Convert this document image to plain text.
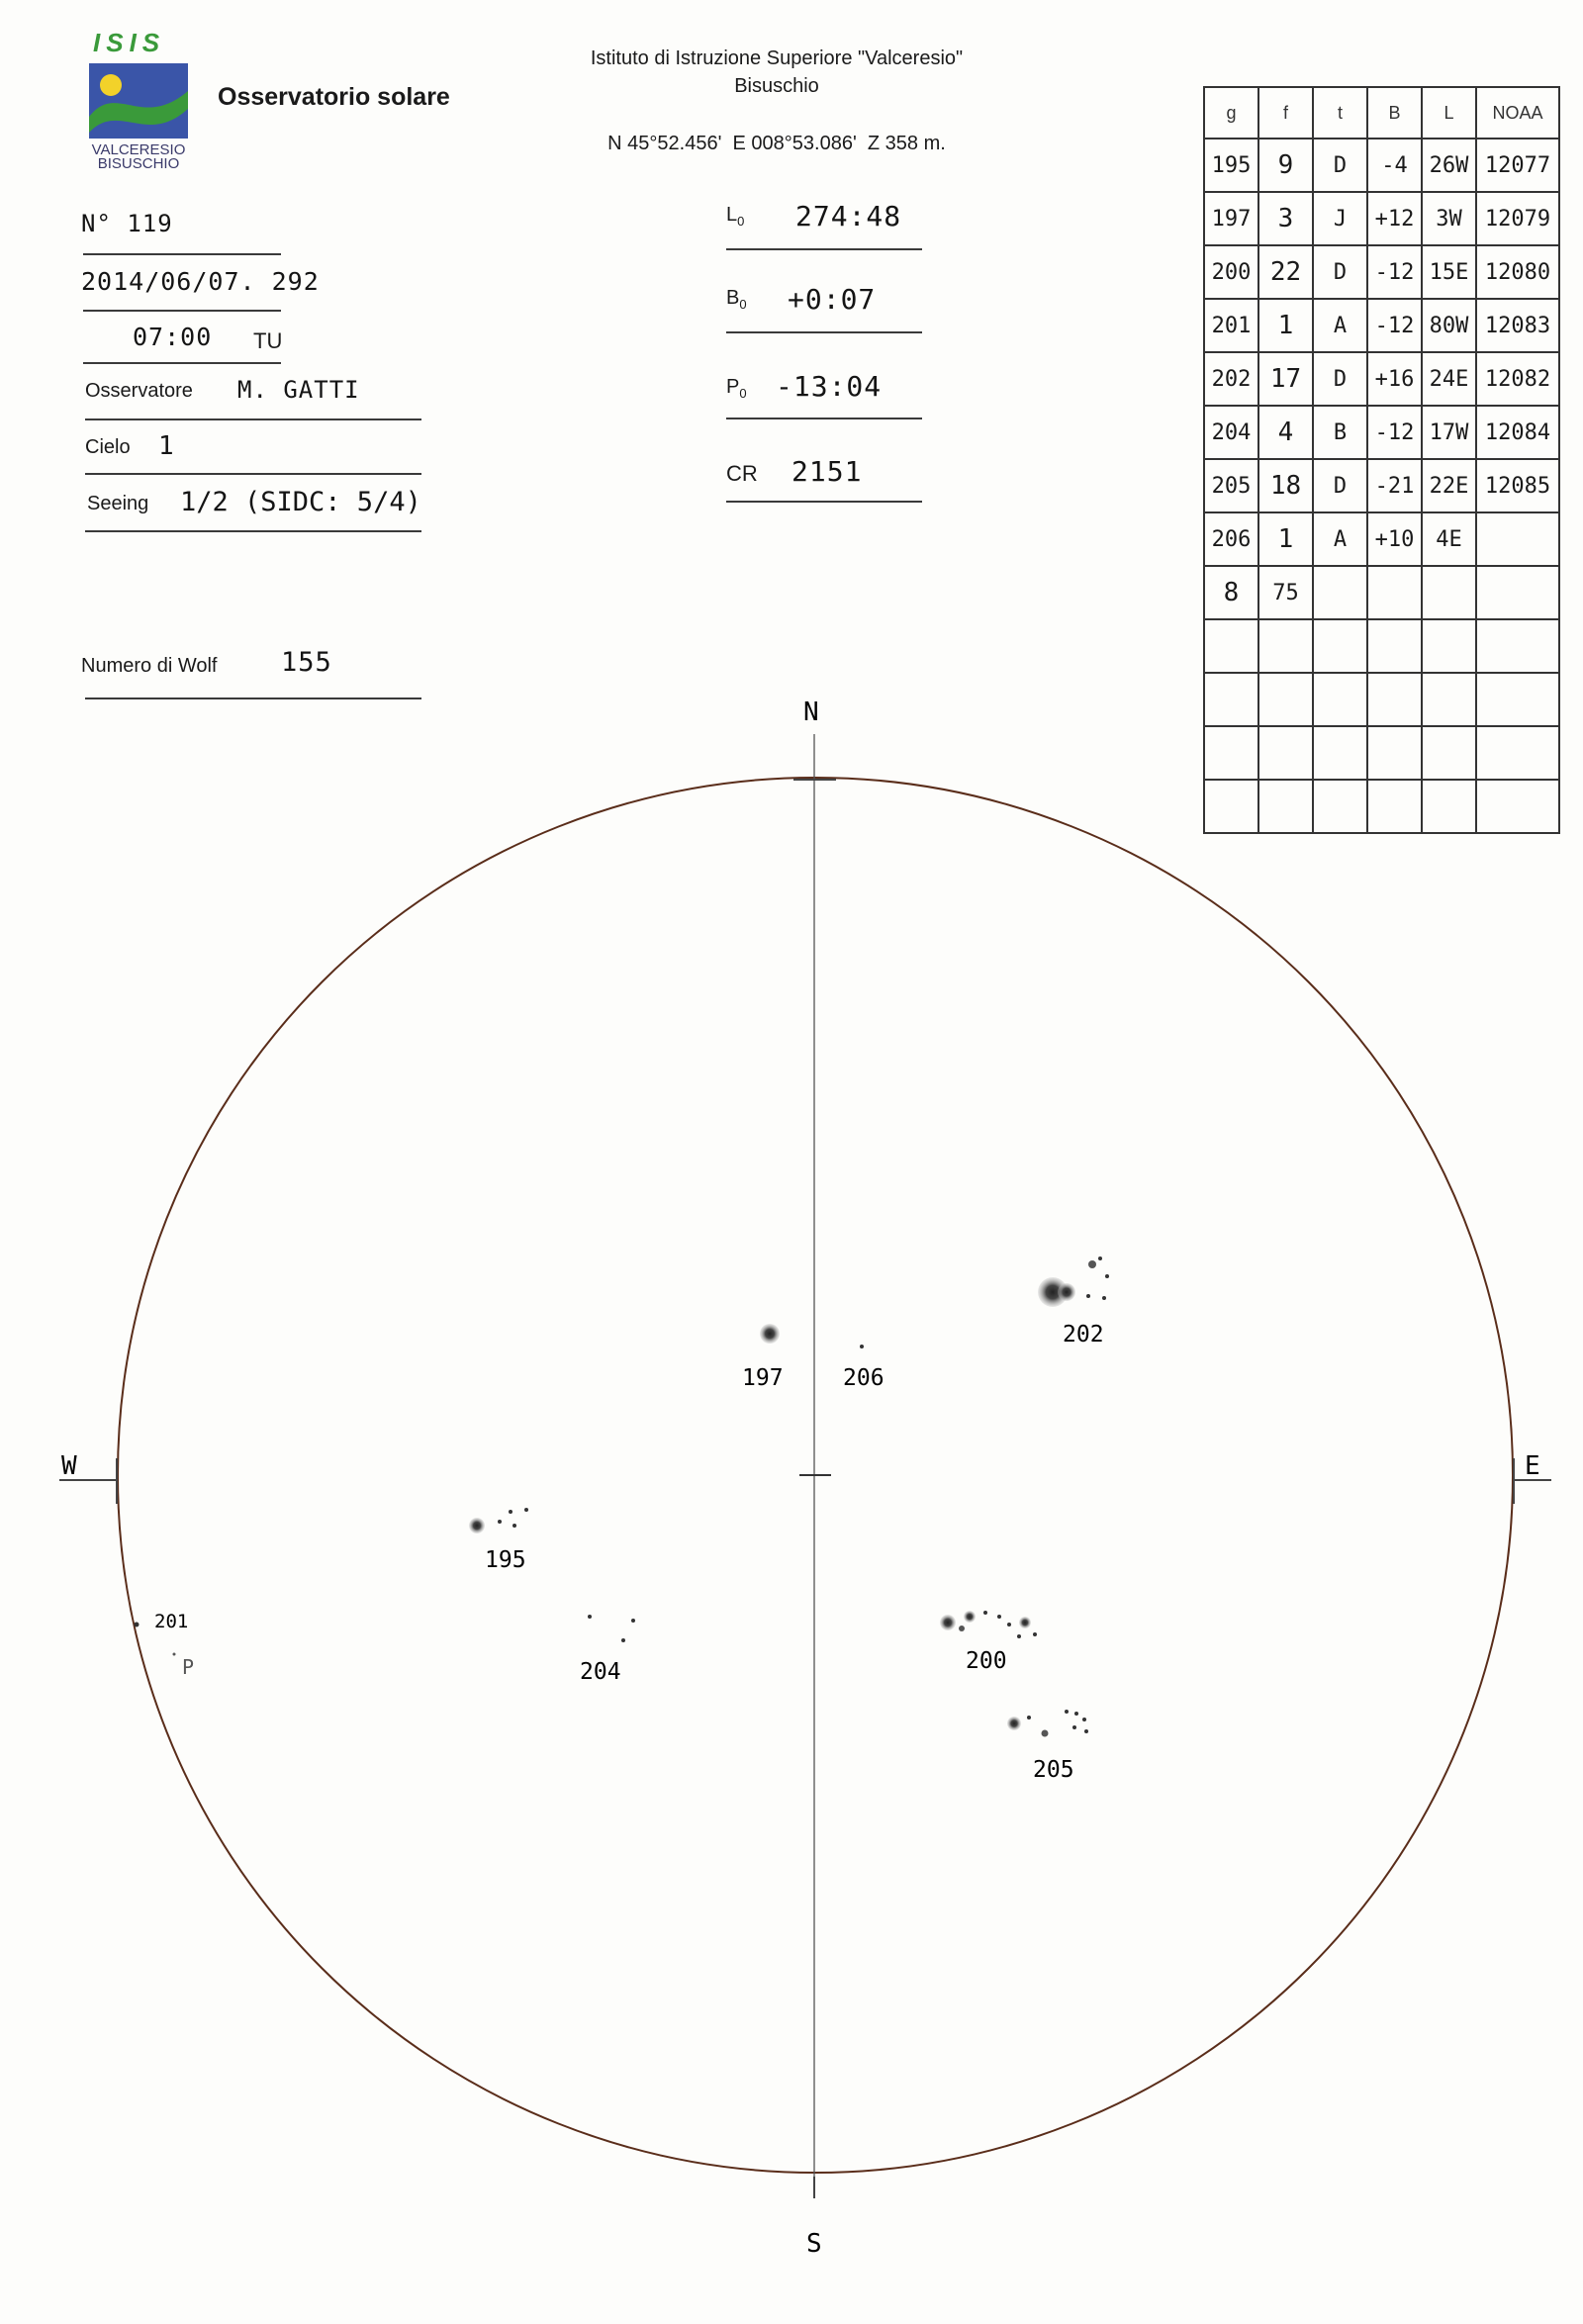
ISIS
VALCERESIO
BISUSCHIO
Osservatorio solare
Istituto di Istruzione Superiore "Valceresio"
Bisuschio
N 45°52.456'  E 008°53.086'  Z 358 m.
N° 119
2014/06/07. 292
07:00 TU
Osservatore M. GATTI
Cielo 1
Seeing 1/2 (SIDC: 5/4)
Numero di Wolf 155
$L_0$ 274:48
$B_0$ +0:07
$P_0$ -13:04
CR 2151
g	f	t	B	L	NOAA
195	9	D	-4	26W	12077
197	3	J	+12	3W	12079
200	22	D	-12	15E	12080
201	1	A	-12	80W	12083
202	17	D	+16	24E	12082
204	4	B	-12	17W	12084
205	18	D	-21	22E	12085
206	1	A	+10	4E	
8	75				

N
S
W	E
197	206
202
195
201
P	204	200
205
